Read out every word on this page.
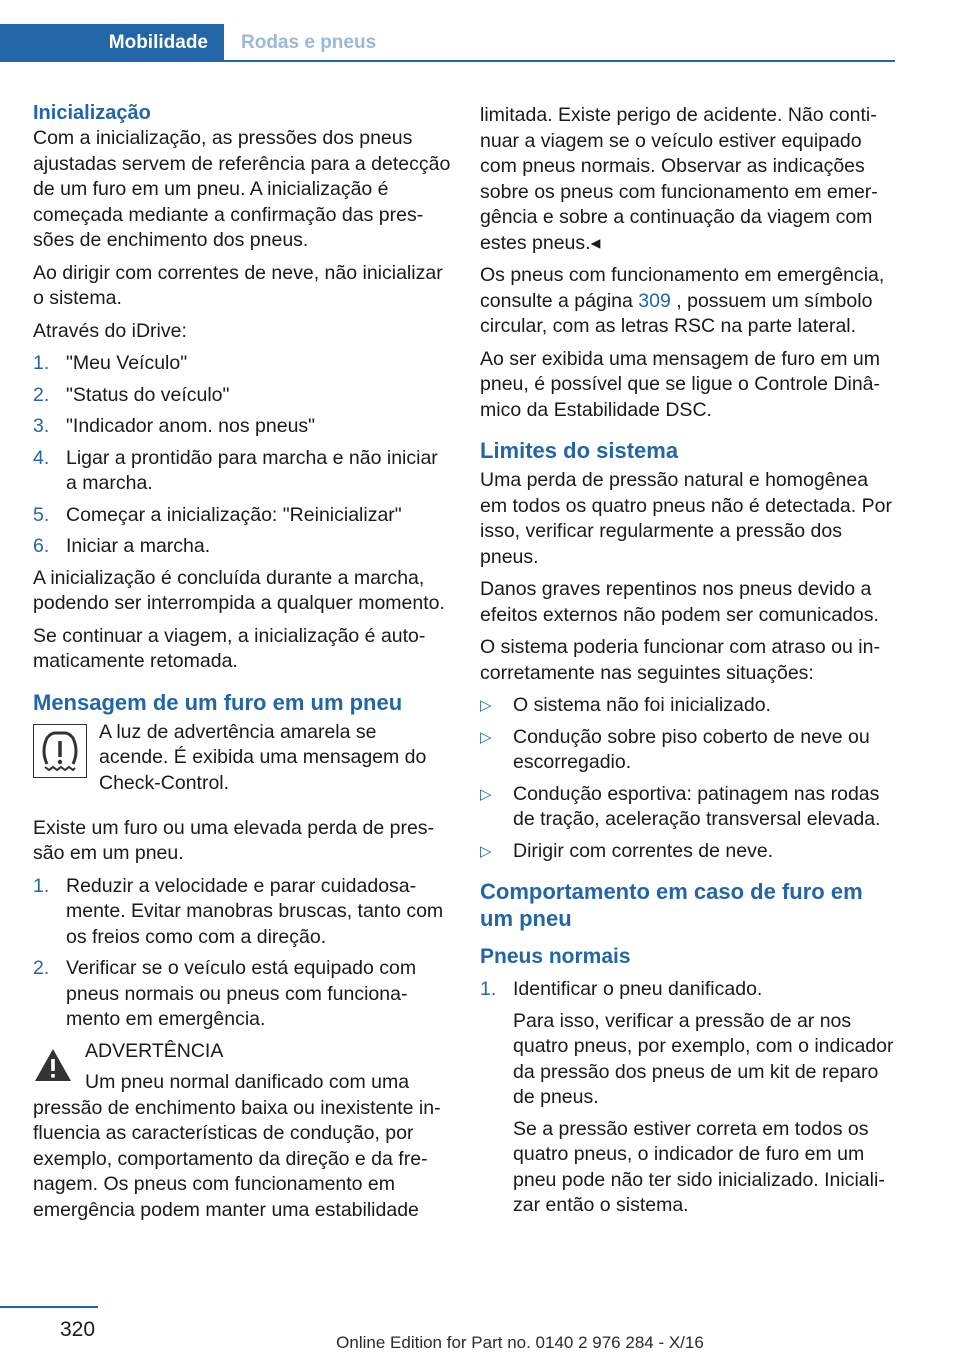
Mobilidade	Rodas e pneus
Inicialização

Com a inicialização, as pressões dos pneus ajustadas servem de referência para a detecção de um furo em um pneu. A inicialização é começada mediante a confirmação das pressões de enchimento dos pneus.

Ao dirigir com correntes de neve, não inicializar o sistema.

Através do iDrive:

1. "Meu Veículo"
2. "Status do veículo"
3. "Indicador anom. nos pneus"
4. Ligar a prontidão para marcha e não iniciar a marcha.
5. Começar a inicialização: "Reinicializar"
6. Iniciar a marcha.

A inicialização é concluída durante a marcha, podendo ser interrompida a qualquer momento.

Se continuar a viagem, a inicialização é automaticamente retomada.

Mensagem de um furo em um pneu
A luz de advertência amarela se acende. É exibida uma mensagem do Check-Control.

Existe um furo ou uma elevada perda de pressão em um pneu.

1. Reduzir a velocidade e parar cuidadosamente. Evitar manobras bruscas, tanto com os freios como com a direção.
2. Verificar se o veículo está equipado com pneus normais ou pneus com funcionamento em emergência.
ADVERTÊNCIA
Um pneu normal danificado com uma pressão de enchimento baixa ou inexistente influencia as características de condução, por exemplo, comportamento da direção e da frenagem. Os pneus com funcionamento em emergência podem manter uma estabilidade

limitada. Existe perigo de acidente. Não continuar a viagem se o veículo estiver equipado com pneus normais. Observar as indicações sobre os pneus com funcionamento em emergência e sobre a continuação da viagem com estes pneus.◂

Os pneus com funcionamento em emergência, consulte a página 309 , possuem um símbolo circular, com as letras RSC na parte lateral.

Ao ser exibida uma mensagem de furo em um pneu, é possível que se ligue o Controle Dinâmico da Estabilidade DSC.

Limites do sistema

Uma perda de pressão natural e homogênea em todos os quatro pneus não é detectada. Por isso, verificar regularmente a pressão dos pneus.

Danos graves repentinos nos pneus devido a efeitos externos não podem ser comunicados.

O sistema poderia funcionar com atraso ou incorretamente nas seguintes situações:

▷ O sistema não foi inicializado.
▷ Condução sobre piso coberto de neve ou escorregadio.
▷ Condução esportiva: patinagem nas rodas de tração, aceleração transversal elevada.
▷ Dirigir com correntes de neve.
Comportamento em caso de furo em um pneu
Pneus normais
1. Identificar o pneu danificado.
Para isso, verificar a pressão de ar nos quatro pneus, por exemplo, com o indicador da pressão dos pneus de um kit de reparo de pneus.
Se a pressão estiver correta em todos os quatro pneus, o indicador de furo em um pneu pode não ter sido inicializado. Inicializar então o sistema.
320
Online Edition for Part no. 0140 2 976 284 - X/16
